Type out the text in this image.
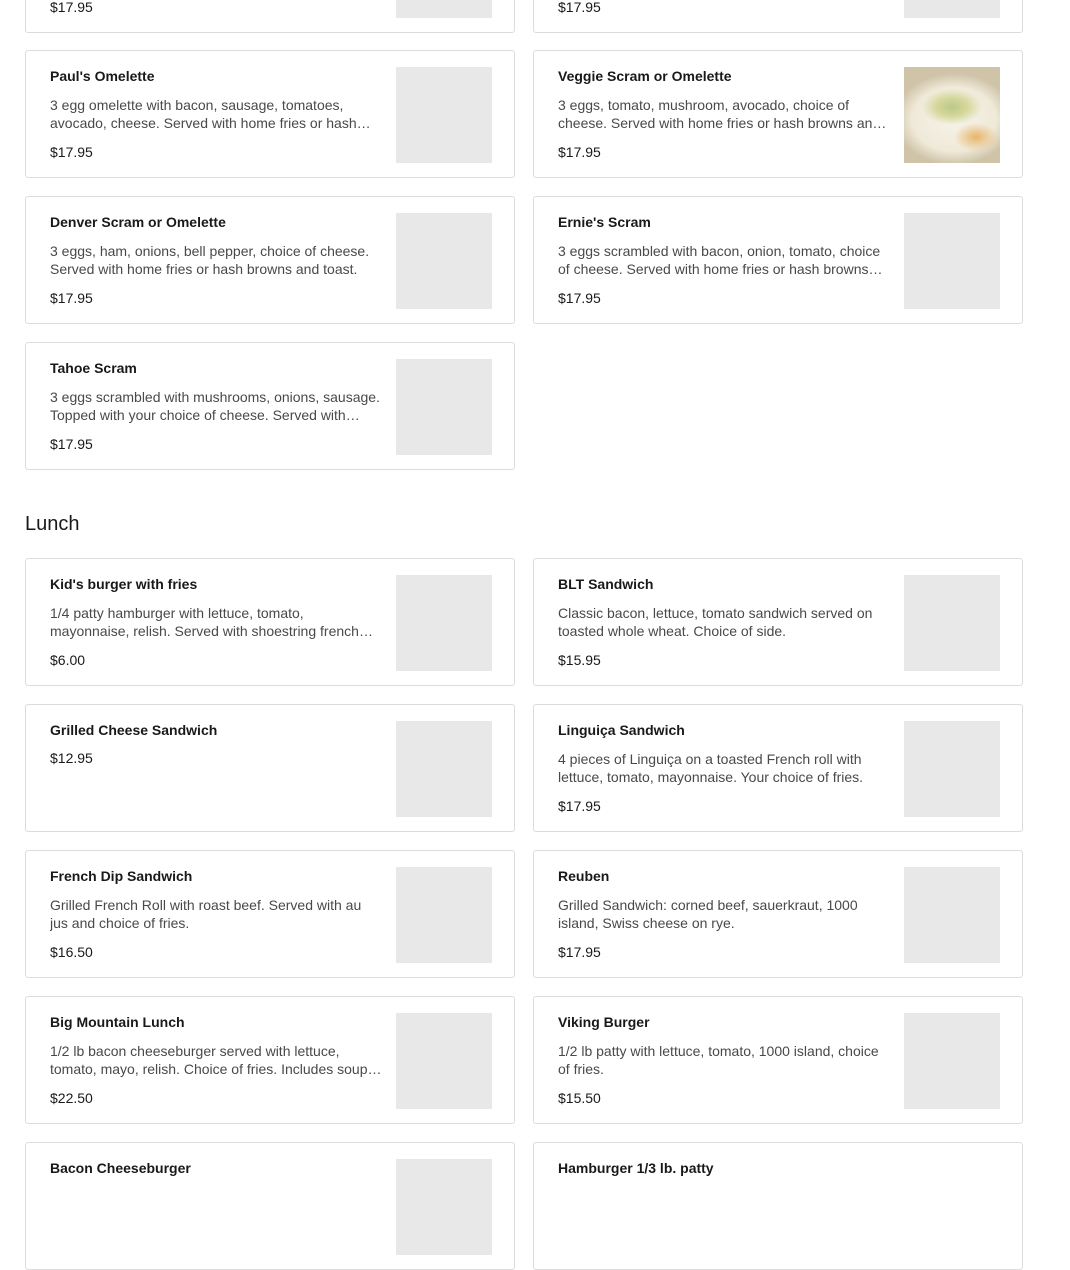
$17.95	$17.95
Paul's Omelette
3 egg omelette with bacon, sausage, tomatoes, avocado, cheese. Served with home fries or hash
$17.95
Veggie Scram or Omelette
3 eggs, tomato, mushroom, avocado, choice of cheese. Served with home fries or hash browns and
$17.95
Denver Scram or Omelette
3 eggs, ham, onions, bell pepper, choice of cheese. Served with home fries or hash browns and toast.
$17.95
Ernie's Scram
3 eggs scrambled with bacon, onion, tomato, choice of cheese. Served with home fries or hash browns
$17.95
Tahoe Scram
3 eggs scrambled with mushrooms, onions, sausage. Topped with your choice of cheese. Served with
$17.95
Lunch
Kid's burger with fries
1/4 patty hamburger with lettuce, tomato, mayonnaise, relish. Served with shoestring french
$6.00
BLT Sandwich
Classic bacon, lettuce, tomato sandwich served on toasted whole wheat. Choice of side.
$15.95
Grilled Cheese Sandwich
$12.95
Linguiça Sandwich
4 pieces of Linguiça on a toasted French roll with lettuce, tomato, mayonnaise. Your choice of fries.
$17.95
French Dip Sandwich
Grilled French Roll with roast beef. Served with au jus and choice of fries.
$16.50
Reuben
Grilled Sandwich: corned beef, sauerkraut, 1000 island, Swiss cheese on rye.
$17.95
Big Mountain Lunch
1/2 lb bacon cheeseburger served with lettuce, tomato, mayo, relish. Choice of fries. Includes soup
$22.50
Viking Burger
1/2 lb patty with lettuce, tomato, 1000 island, choice of fries.
$15.50
Bacon Cheeseburger	Hamburger 1/3 lb. patty
